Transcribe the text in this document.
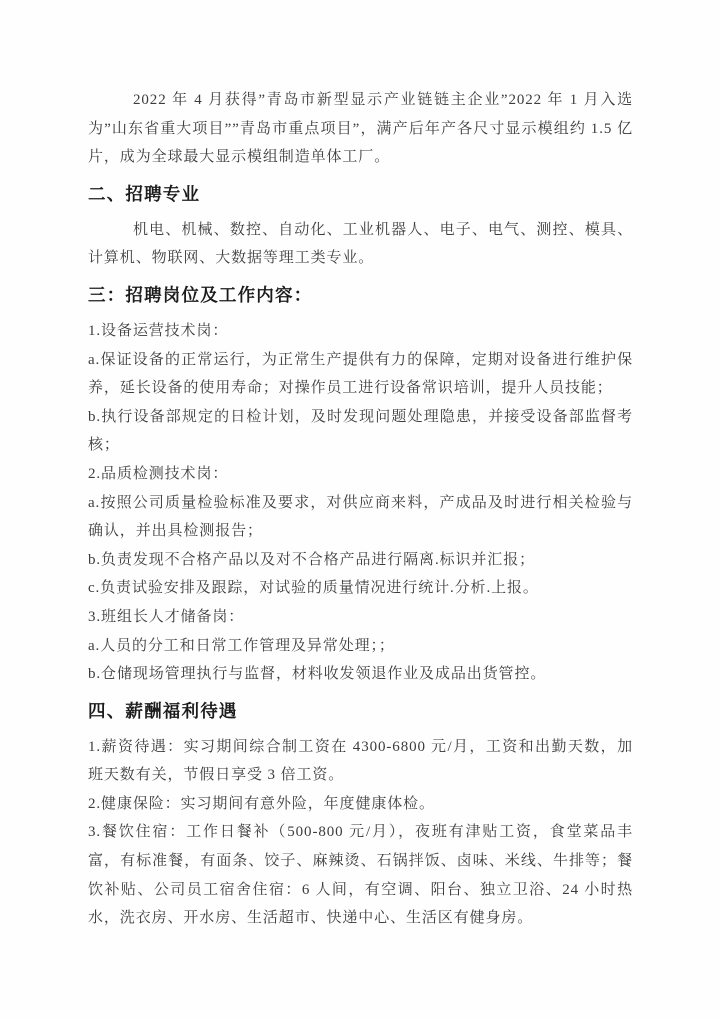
2022 年 4 月获得”青岛市新型显示产业链链主企业”2022 年 1 月入选为”山东省重大项目””青岛市重点项目”，满产后年产各尺寸显示模组约 1.5 亿片，成为全球最大显示模组制造单体工厂。

二、招聘专业

机电、机械、数控、自动化、工业机器人、电子、电气、测控、模具、计算机、物联网、大数据等理工类专业。

三：招聘岗位及工作内容：

1.设备运营技术岗：

a.保证设备的正常运行，为正常生产提供有力的保障，定期对设备进行维护保养，延长设备的使用寿命；对操作员工进行设备常识培训，提升人员技能；

b.执行设备部规定的日检计划，及时发现问题处理隐患，并接受设备部监督考核；

2.品质检测技术岗：

a.按照公司质量检验标准及要求，对供应商来料，产成品及时进行相关检验与确认，并出具检测报告；

b.负责发现不合格产品以及对不合格产品进行隔离.标识并汇报；

c.负责试验安排及跟踪，对试验的质量情况进行统计.分析.上报。

3.班组长人才储备岗：

a.人员的分工和日常工作管理及异常处理；；

b.仓储现场管理执行与监督，材料收发领退作业及成品出货管控。

四、薪酬福利待遇

1.薪资待遇：实习期间综合制工资在 4300-6800 元/月，工资和出勤天数，加班天数有关，节假日享受 3 倍工资。

2.健康保险：实习期间有意外险，年度健康体检。

3.餐饮住宿：工作日餐补（500-800 元/月），夜班有津贴工资，食堂菜品丰富，有标准餐，有面条、饺子、麻辣烫、石锅拌饭、卤味、米线、牛排等；餐饮补贴、公司员工宿舍住宿：6 人间，有空调、阳台、独立卫浴、24 小时热水，洗衣房、开水房、生活超市、快递中心、生活区有健身房。
